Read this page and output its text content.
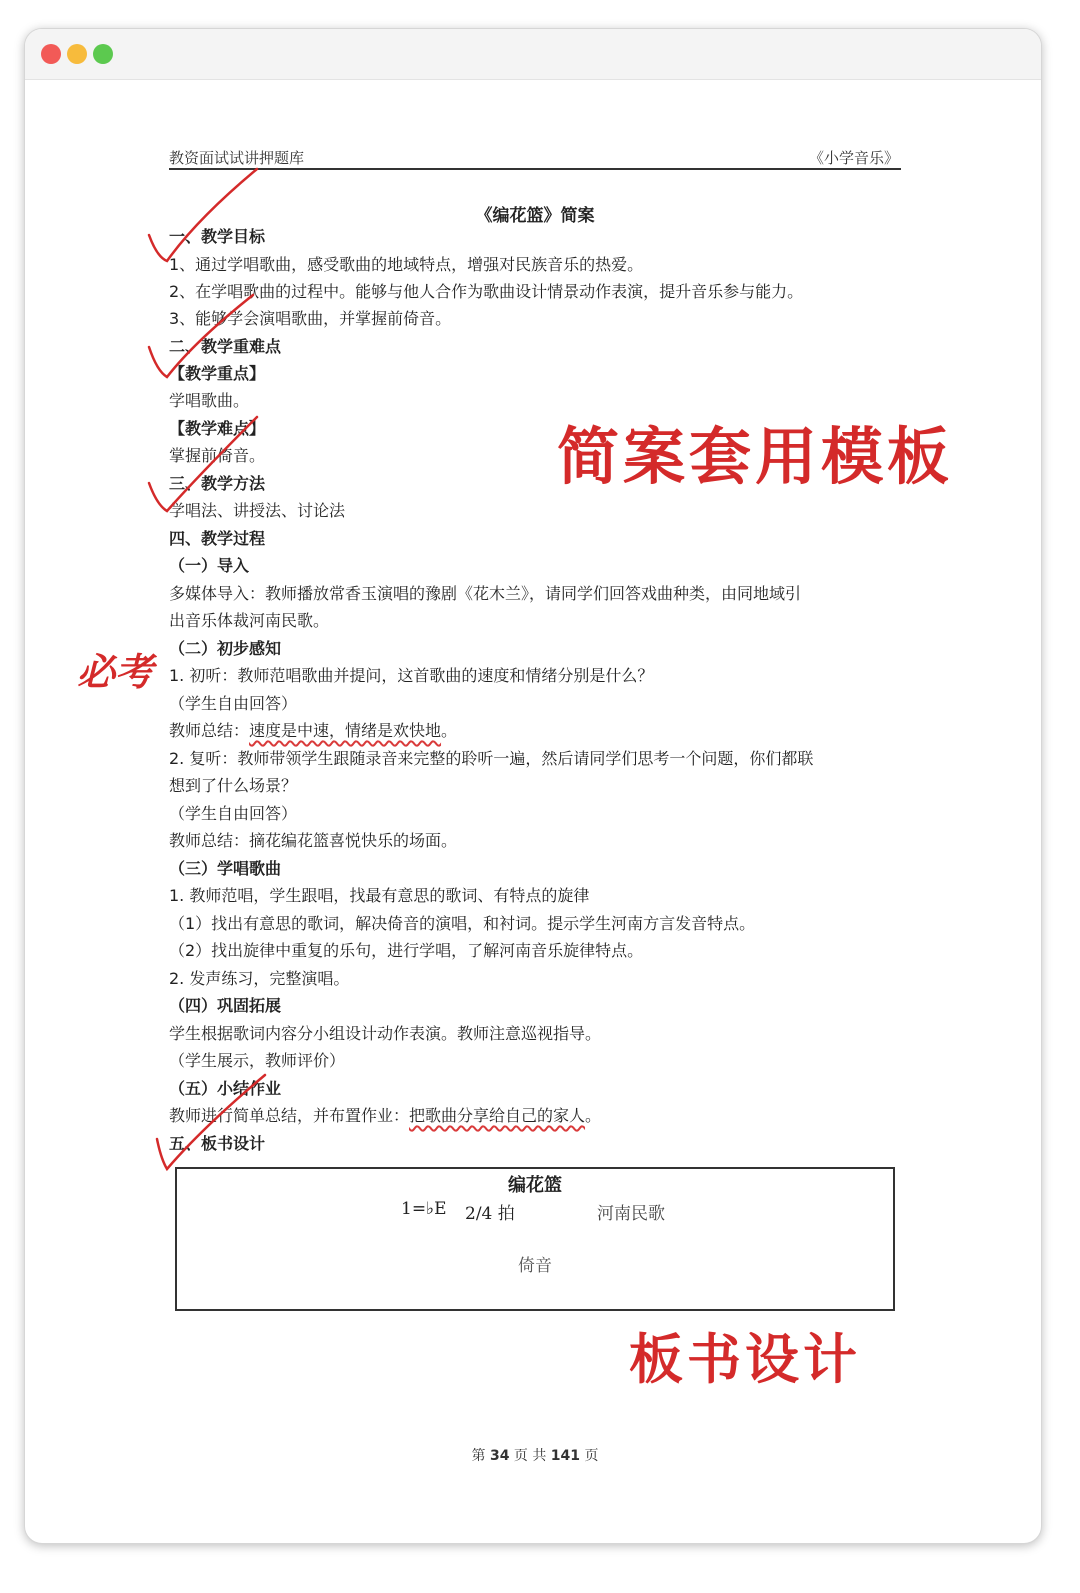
教资面试试讲押题库	《小学音乐》
《编花篮》简案
一、教学目标
1、通过学唱歌曲，感受歌曲的地域特点，增强对民族音乐的热爱。
2、在学唱歌曲的过程中。能够与他人合作为歌曲设计情景动作表演，提升音乐参与能力。
3、能够学会演唱歌曲，并掌握前倚音。
二、教学重难点
【教学重点】
学唱歌曲。
【教学难点】
掌握前倚音。
三、教学方法
学唱法、讲授法、讨论法
四、教学过程
（一）导入
多媒体导入：教师播放常香玉演唱的豫剧《花木兰》，请同学们回答戏曲种类，由同地域引
出音乐体裁河南民歌。
（二）初步感知
1. 初听：教师范唱歌曲并提问，这首歌曲的速度和情绪分别是什么？
（学生自由回答）
教师总结：速度是中速，情绪是欢快地。
2. 复听：教师带领学生跟随录音来完整的聆听一遍，然后请同学们思考一个问题，你们都联
想到了什么场景？
（学生自由回答）
教师总结：摘花编花篮喜悦快乐的场面。
（三）学唱歌曲
1. 教师范唱，学生跟唱，找最有意思的歌词、有特点的旋律
（1）找出有意思的歌词，解决倚音的演唱，和衬词。提示学生河南方言发音特点。
（2）找出旋律中重复的乐句，进行学唱，了解河南音乐旋律特点。
2. 发声练习，完整演唱。
（四）巩固拓展
学生根据歌词内容分小组设计动作表演。教师注意巡视指导。
（学生展示，教师评价）
（五）小结作业
教师进行简单总结，并布置作业：把歌曲分享给自己的家人。
五、板书设计
编花篮
1=♭E 2/4 拍	河南民歌
倚音
第 34 页 共 141 页
简案套用模板
必考
板书设计
